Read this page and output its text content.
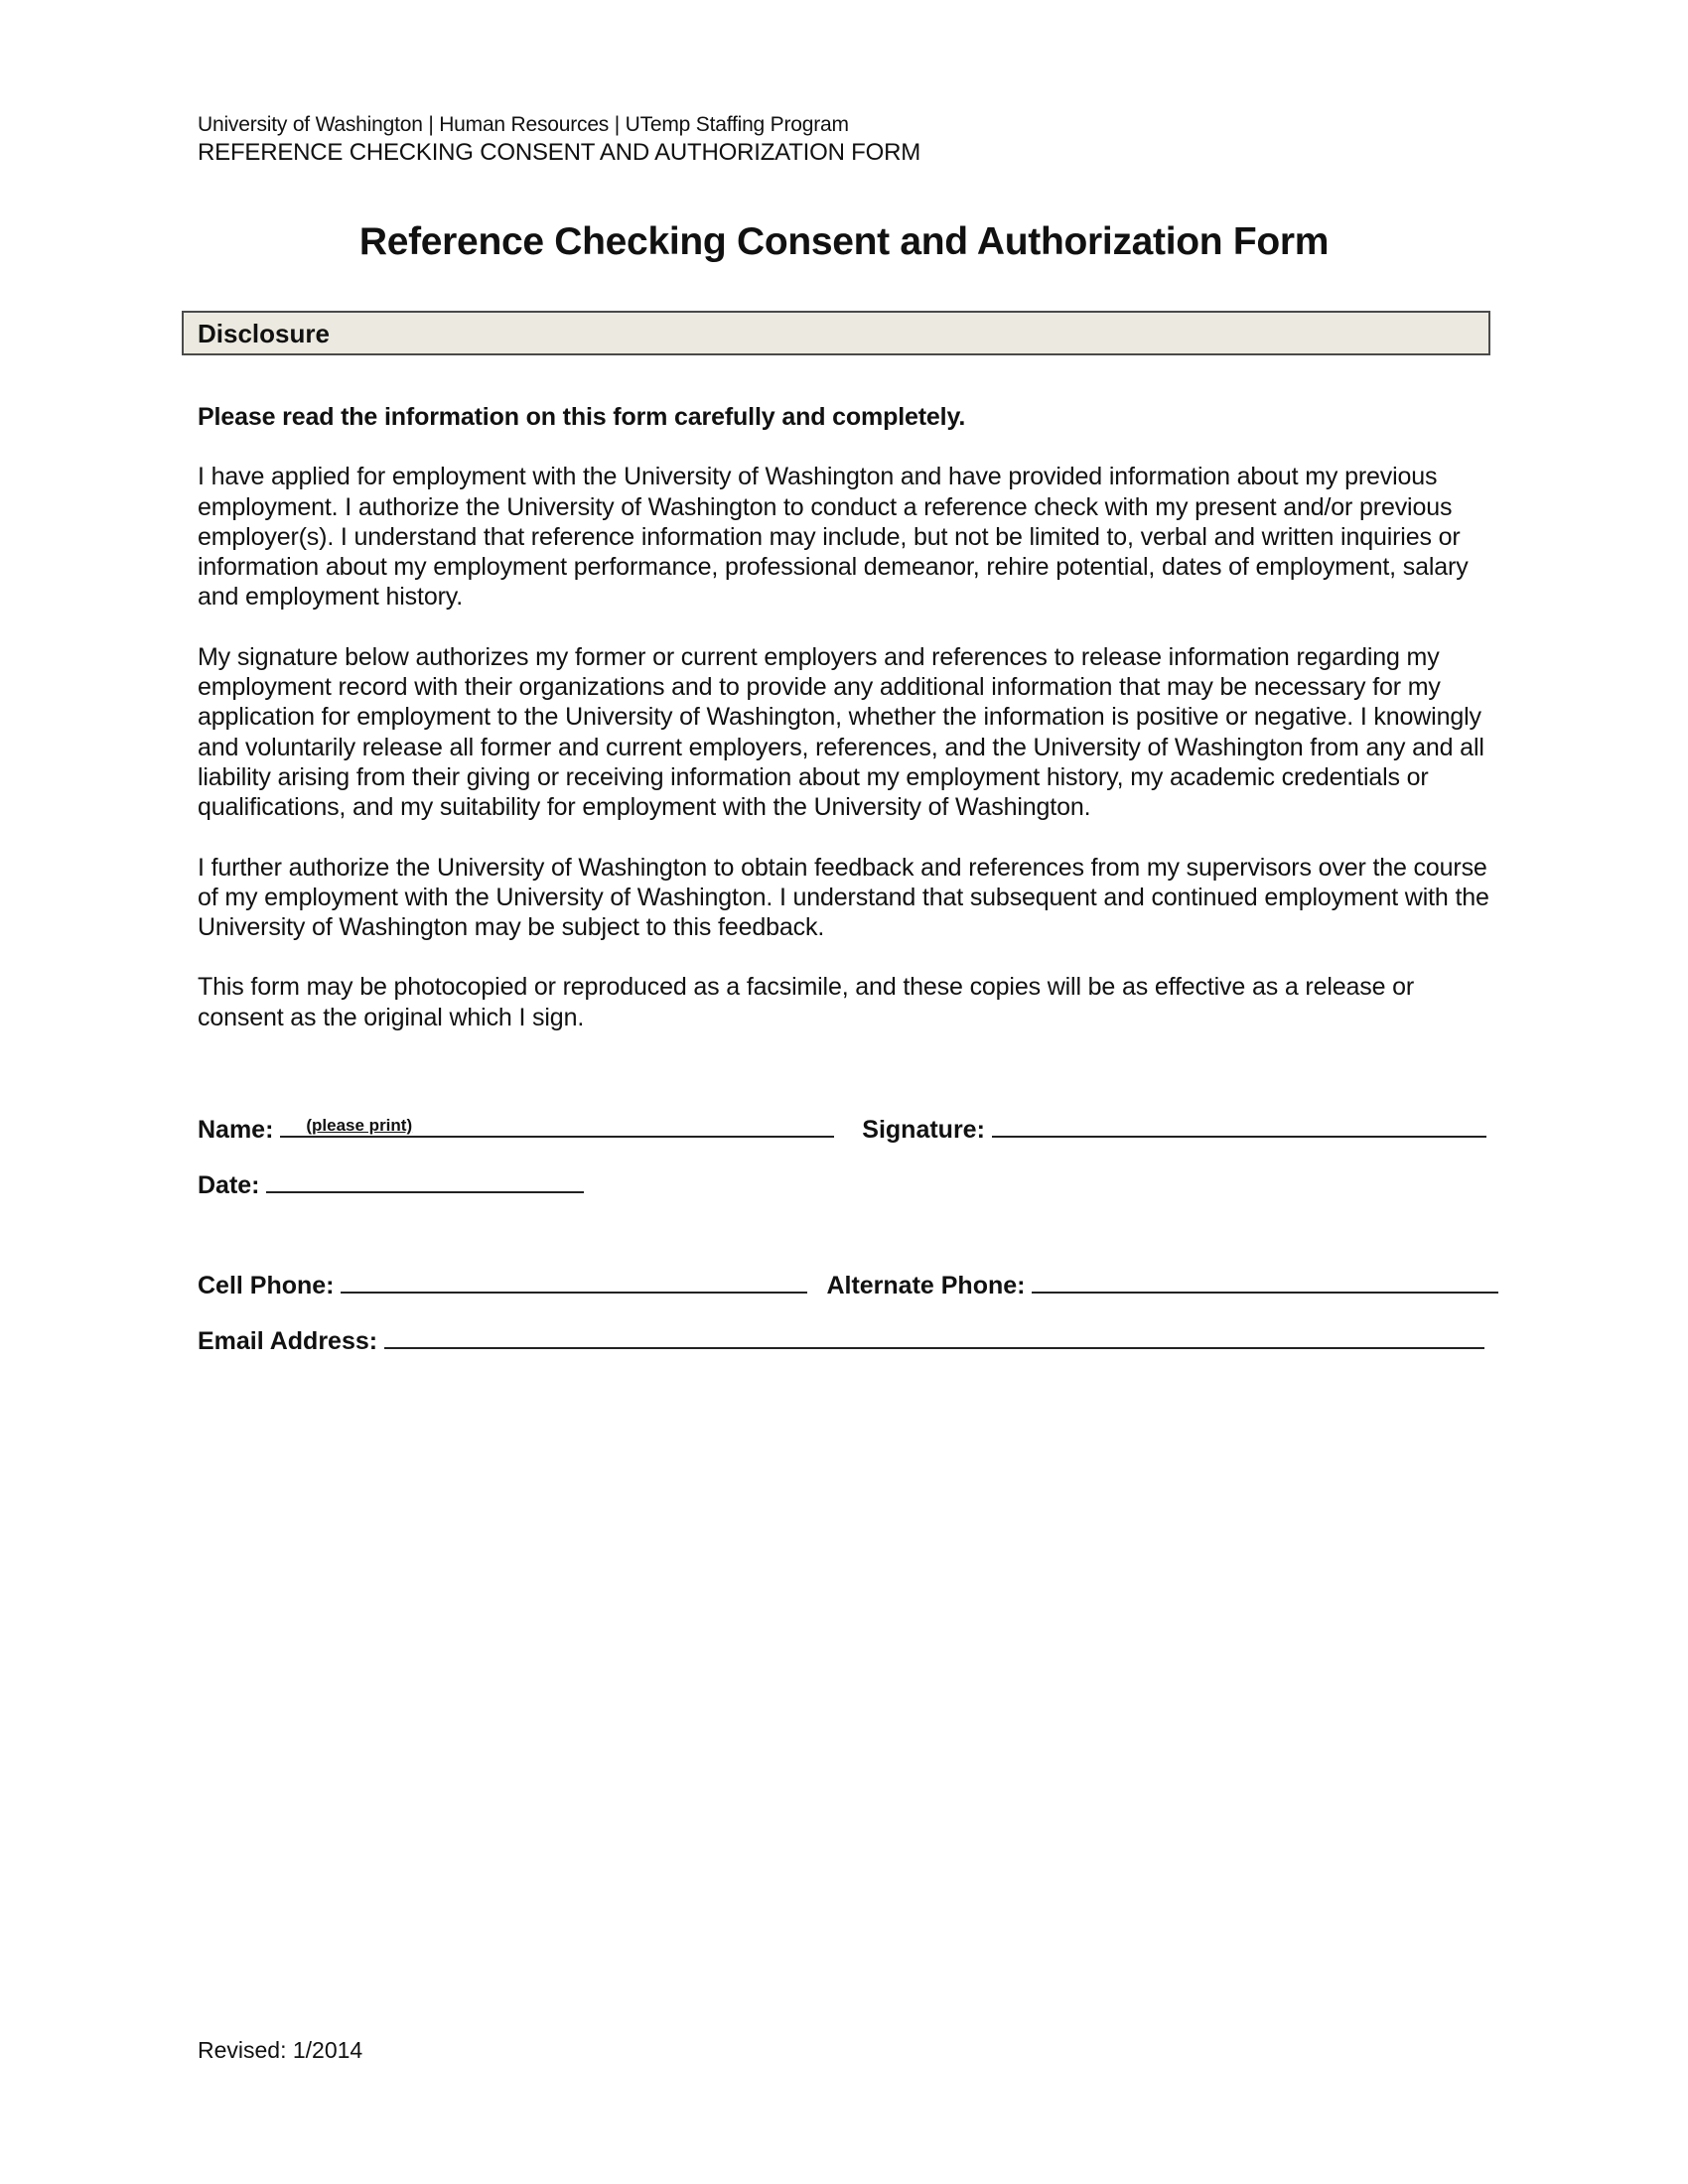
University of Washington | Human Resources | UTemp Staffing Program
REFERENCE CHECKING CONSENT AND AUTHORIZATION FORM
Reference Checking Consent and Authorization Form
Disclosure
Please read the information on this form carefully and completely.

I have applied for employment with the University of Washington and have provided information about my previous employment. I authorize the University of Washington to conduct a reference check with my present and/or previous employer(s). I understand that reference information may include, but not be limited to, verbal and written inquiries or information about my employment performance, professional demeanor, rehire potential, dates of employment, salary and employment history.

My signature below authorizes my former or current employers and references to release information regarding my employment record with their organizations and to provide any additional information that may be necessary for my application for employment to the University of Washington, whether the information is positive or negative. I knowingly and voluntarily release all former and current employers, references, and the University of Washington from any and all liability arising from their giving or receiving information about my employment history, my academic credentials or qualifications, and my suitability for employment with the University of Washington.

I further authorize the University of Washington to obtain feedback and references from my supervisors over the course of my employment with the University of Washington. I understand that subsequent and continued employment with the University of Washington may be subject to this feedback.

This form may be photocopied or reproduced as a facsimile, and these copies will be as effective as a release or consent as the original which I sign.

Name:	(please print)	Signature:
Date:
Cell Phone:	Alternate Phone:
Email Address:
Revised: 1/2014
